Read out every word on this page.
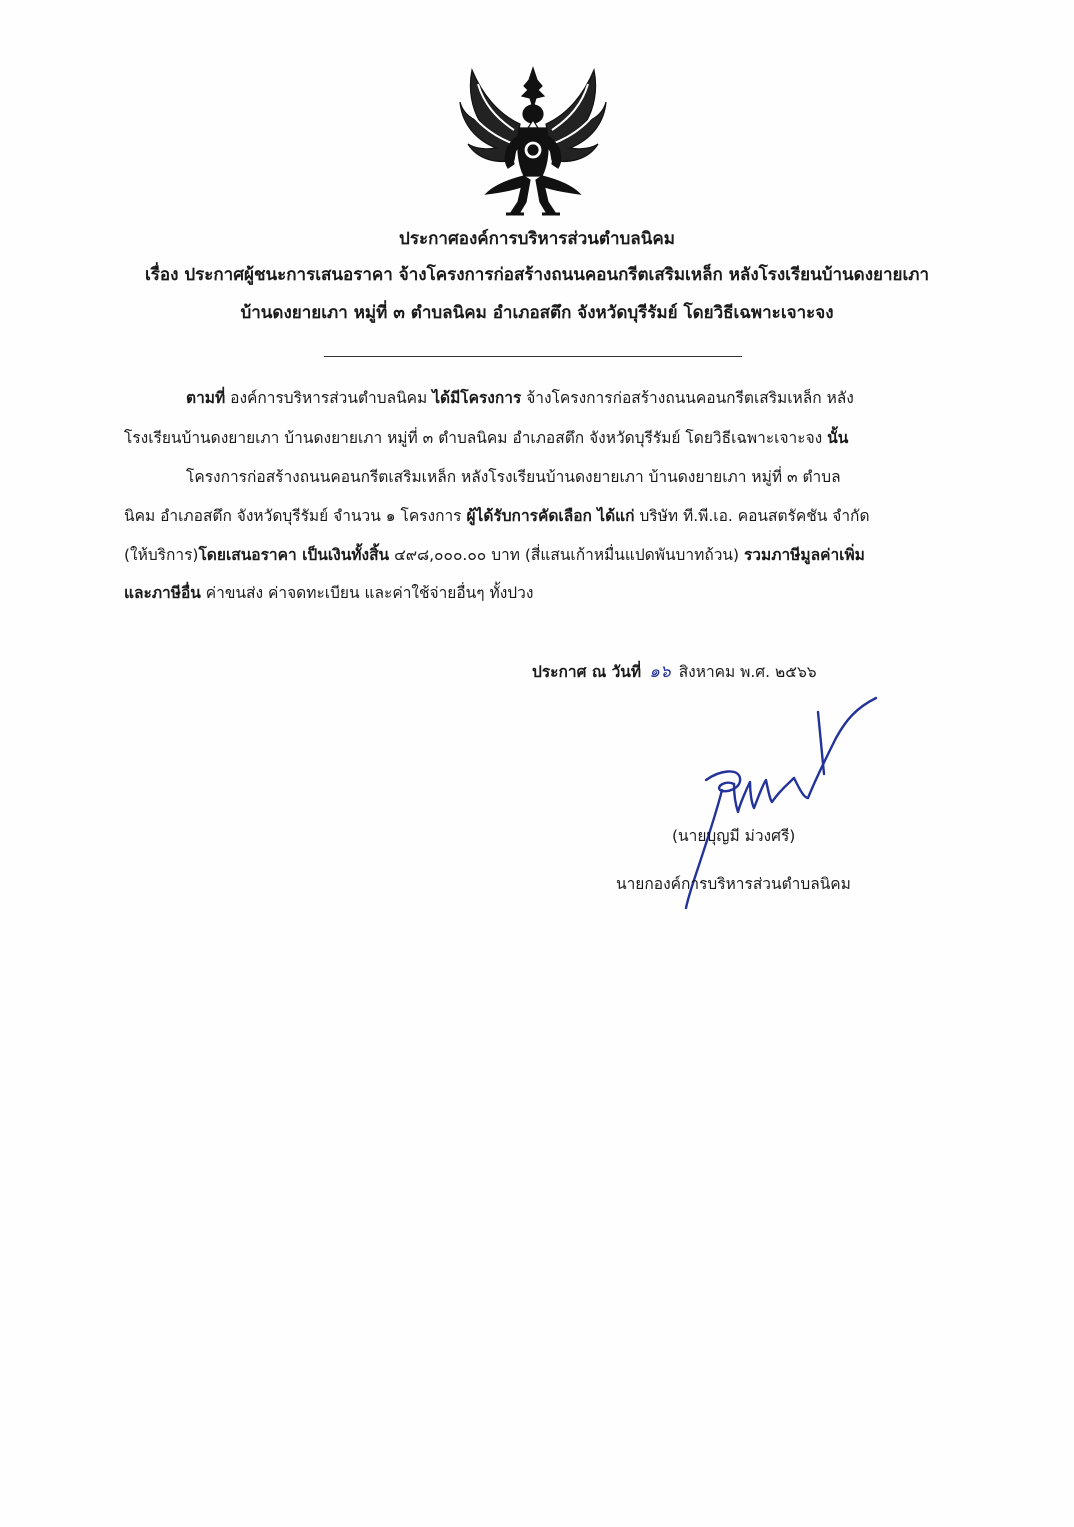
ประกาศองค์การบริหารส่วนตำบลนิคม
เรื่อง ประกาศผู้ชนะการเสนอราคา จ้างโครงการก่อสร้างถนนคอนกรีตเสริมเหล็ก หลังโรงเรียนบ้านดงยายเภา
บ้านดงยายเภา หมู่ที่ ๓ ตำบลนิคม อำเภอสตึก จังหวัดบุรีรัมย์ โดยวิธีเฉพาะเจาะจง
ตามที่ องค์การบริหารส่วนตำบลนิคม ได้มีโครงการ จ้างโครงการก่อสร้างถนนคอนกรีตเสริมเหล็ก หลัง
โรงเรียนบ้านดงยายเภา บ้านดงยายเภา หมู่ที่ ๓ ตำบลนิคม อำเภอสตึก จังหวัดบุรีรัมย์ โดยวิธีเฉพาะเจาะจง นั้น
โครงการก่อสร้างถนนคอนกรีตเสริมเหล็ก หลังโรงเรียนบ้านดงยายเภา บ้านดงยายเภา หมู่ที่ ๓ ตำบล
นิคม อำเภอสตึก จังหวัดบุรีรัมย์ จำนวน ๑ โครงการ ผู้ได้รับการคัดเลือก ได้แก่ บริษัท ที.พี.เอ. คอนสตรัคชัน จำกัด
(ให้บริการ)โดยเสนอราคา เป็นเงินทั้งสิ้น ๔๙๘,๐๐๐.๐๐ บาท (สี่แสนเก้าหมื่นแปดพันบาทถ้วน) รวมภาษีมูลค่าเพิ่ม
และภาษีอื่น ค่าขนส่ง ค่าจดทะเบียน และค่าใช้จ่ายอื่นๆ ทั้งปวง
ประกาศ ณ วันที่ ๑๖ สิงหาคม พ.ศ. ๒๕๖๖
(นายบุญมี ม่วงศรี)
นายกองค์การบริหารส่วนตำบลนิคม
